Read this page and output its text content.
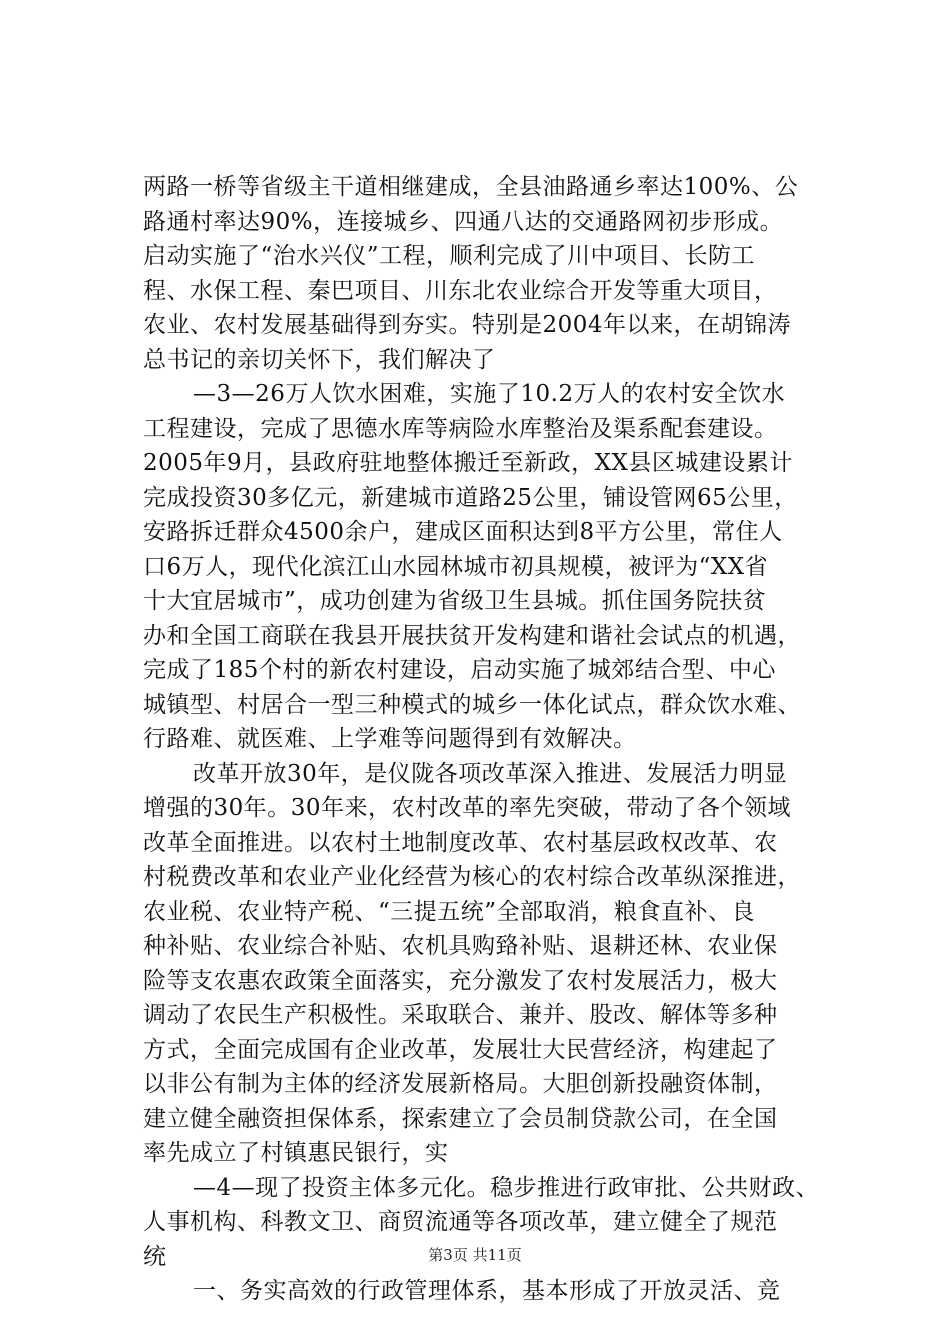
两路一桥等省级主干道相继建成，全县油路通乡率达100%、公
路通村率达90%，连接城乡、四通八达的交通路网初步形成。
启动实施了“治水兴仪”工程，顺利完成了川中项目、长防工
程、水保工程、秦巴项目、川东北农业综合开发等重大项目，
农业、农村发展基础得到夯实。特别是2004年以来，在胡锦涛
总书记的亲切关怀下，我们解决了
—3—26万人饮水困难，实施了10.2万人的农村安全饮水
工程建设，完成了思德水库等病险水库整治及渠系配套建设。
2005年9月，县政府驻地整体搬迁至新政，XX县区城建设累计
完成投资30多亿元，新建城市道路25公里，铺设管网65公里，
安路拆迁群众4500余户，建成区面积达到8平方公里，常住人
口6万人，现代化滨江山水园林城市初具规模，被评为“XX省
十大宜居城市”，成功创建为省级卫生县城。抓住国务院扶贫
办和全国工商联在我县开展扶贫开发构建和谐社会试点的机遇，
完成了185个村的新农村建设，启动实施了城郊结合型、中心
城镇型、村居合一型三种模式的城乡一体化试点，群众饮水难、
行路难、就医难、上学难等问题得到有效解决。
改革开放30年，是仪陇各项改革深入推进、发展活力明显
增强的30年。30年来，农村改革的率先突破，带动了各个领域
改革全面推进。以农村土地制度改革、农村基层政权改革、农
村税费改革和农业产业化经营为核心的农村综合改革纵深推进，
农业税、农业特产税、“三提五统”全部取消，粮食直补、良
种补贴、农业综合补贴、农机具购臵补贴、退耕还林、农业保
险等支农惠农政策全面落实，充分激发了农村发展活力，极大
调动了农民生产积极性。采取联合、兼并、股改、解体等多种
方式，全面完成国有企业改革，发展壮大民营经济，构建起了
以非公有制为主体的经济发展新格局。大胆创新投融资体制，
建立健全融资担保体系，探索建立了会员制贷款公司，在全国
率先成立了村镇惠民银行，实
—4—现了投资主体多元化。稳步推进行政审批、公共财政、
人事机构、科教文卫、商贸流通等各项改革，建立健全了规范
统
一、务实高效的行政管理体系，基本形成了开放灵活、竞
第3页 共11页
